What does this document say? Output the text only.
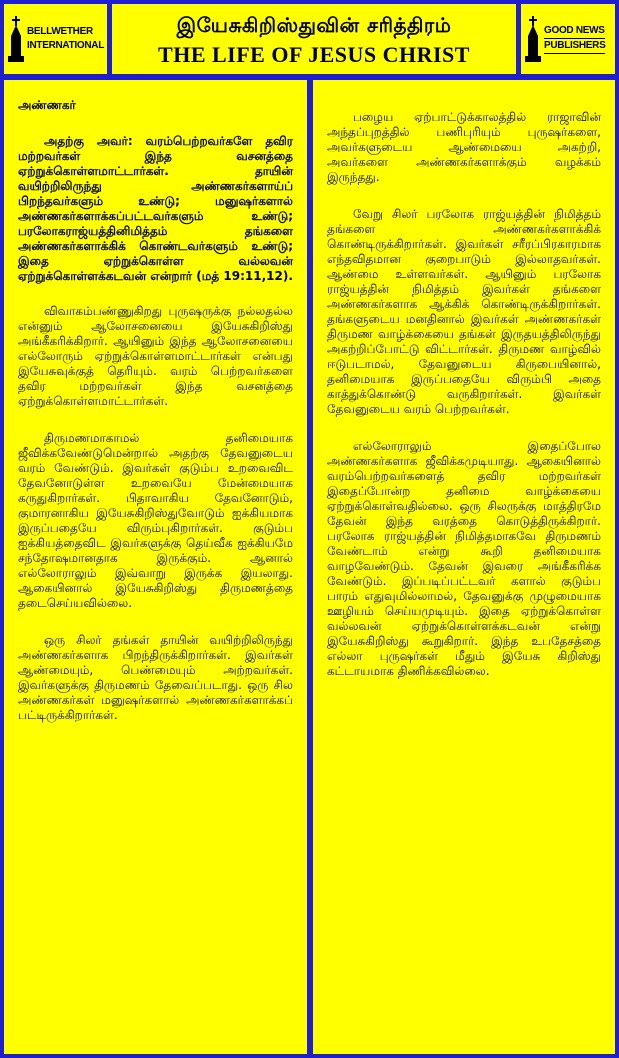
BELLWETHER
INTERNATIONAL
இயேசுகிறிஸ்துவின் சரித்திரம்
THE LIFE OF JESUS CHRIST
GOOD NEWS
PUBLISHERS
அண்ணகர்

அதற்கு அவர்: வரம்பெற்றவர்களே தவிர மற்றவர்கள் இந்த வசனத்தை ஏற்றுக்கொள்ளமாட்டார்கள். தாயின் வயிற்றிலிருந்து அண்ணகர்களாய்ப் பிறந்தவர்களும் உண்டு; மனுஷர்களால் அண்ணகர்களாக்கப்பட்டவர்களும் உண்டு; பரலோகராஜ்யத்தினிமித்தம் தங்களை அண்ணகர்களாக்கிக் கொண்டவர்களும் உண்டு; இதை ஏற்றுக்கொள்ள வல்லவன் ஏற்றுக்கொள்ளக்கடவன் என்றார் (மத் 19:11,12).

விவாகம்பண்ணுகிறது புருஷருக்கு நல்லதல்ல என்னும் ஆலோசனையை இயேசுகிறிஸ்து அங்கீகரிக்கிறார். ஆயினும் இந்த ஆலோசனையை எல்லோரும் ஏற்றுக்கொள்ளமாட்டார்கள் என்பது இயேசுவுக்குத் தெரியும். வரம் பெற்றவர்களை தவிர மற்றவர்கள் இந்த வசனத்தை ஏற்றுக்கொள்ளமாட்டார்கள்.

திருமணமாகாமல் தனிமையாக ஜீவிக்கவேண்டுமென்றால் அதற்கு தேவனுடைய வரம் வேண்டும். இவர்கள் குடும்ப உறவைவிட தேவனோடுள்ள உறவையே மேன்மையாக கருதுகிறார்கள். பிதாவாகிய தேவனோடும், குமாரனாகிய இயேசுகிறிஸ்துவோடும் ஐக்கியமாக இருப்பதையே விரும்புகிறார்கள். குடும்ப ஐக்கியத்தைவிட இவர்களுக்கு தெய்வீக ஐக்கியமே சந்தோஷமானதாக இருக்கும். ஆனால் எல்லோராலும் இவ்வாறு இருக்க இயலாது. ஆகையினால் இயேசுகிறிஸ்து திருமணத்தை தடைசெய்யவில்லை.

ஒரு சிலர் தங்கள் தாயின் வயிற்றிலிருந்து அண்ணகர்களாக பிறந்திருக்கிறார்கள். இவர்கள் ஆண்மையும், பெண்மையும் அற்றவர்கள். இவர்களுக்கு திருமணம் தேவைப்படாது. ஒரு சில அண்ணகர்கள் மனுஷர்களால் அண்ணகர்களாக்கப் பட்டிருக்கிறார்கள்.

பழைய ஏற்பாட்டுக்காலத்தில் ராஜாவின் அந்தப்புறத்தில் பணிபுரியும் புருஷர்களை, அவர்களுடைய ஆண்மையை அகற்றி, அவர்களை அண்ணகர்களாக்கும் வழக்கம் இருந்தது.

வேறு சிலர் பரலோக ராஜ்யத்தின் நிமித்தம் தங்களை அண்ணகர்களாக்கிக் கொண்டிருக்கிறார்கள். இவர்கள் சரீரப்பிரகாரமாக எந்தவிதமான குறைபாடும் இல்லாதவர்கள். ஆண்மை உள்ளவர்கள். ஆயினும் பரலோக ராஜ்யத்தின் நிமித்தம் இவர்கள் தங்களை அண்ணகர்களாக ஆக்கிக் கொண்டிருக்கிறார்கள். தங்களுடைய மனதினால் இவர்கள் அண்ணகர்கள் திருமண வாழ்க்கையை தங்கள் இருதயத்திலிருந்து அகற்றிப்போட்டு விட்டார்கள். திருமண வாழ்வில் ஈடுபடாமல், தேவனுடைய கிருபையினால், தனிமையாக இருப்பதையே விரும்பி அதை காத்துக்கொண்டு வருகிறார்கள். இவர்கள் தேவனுடைய வரம் பெற்றவர்கள்.

எல்லோராலும் இதைப்போல அண்ணகர்களாக ஜீவிக்கமுடியாது. ஆகையினால் வரம்பெற்றவர்களைத் தவிர மற்றவர்கள் இதைப்போன்ற தனிமை வாழ்க்கையை ஏற்றுக்கொள்வதில்லை. ஒரு சிலருக்கு மாத்திரமே தேவன் இந்த வரத்தை கொடுத்திருக்கிறார். பரலோக ராஜ்யத்தின் நிமித்தமாகவே திருமணம் வேண்டாம் என்று கூறி தனிமையாக வாழவேண்டும். தேவன் இவரை அங்கீகரிக்க வேண்டும். இப்படிப்பட்டவர் களால் குடும்ப பாரம் எதுவுமில்லாமல், தேவனுக்கு முழுமையாக ஊழியம் செய்யமுடியும். இதை ஏற்றுக்கொள்ள வல்லவன் ஏற்றுக்கொள்ளக்கடவன் என்று இயேசுகிறிஸ்து கூறுகிறார். இந்த உபதேசத்தை எல்லா புருஷர்கள் மீதும் இயேசு கிறிஸ்து கட்டாயமாக திணிக்கவில்லை.
